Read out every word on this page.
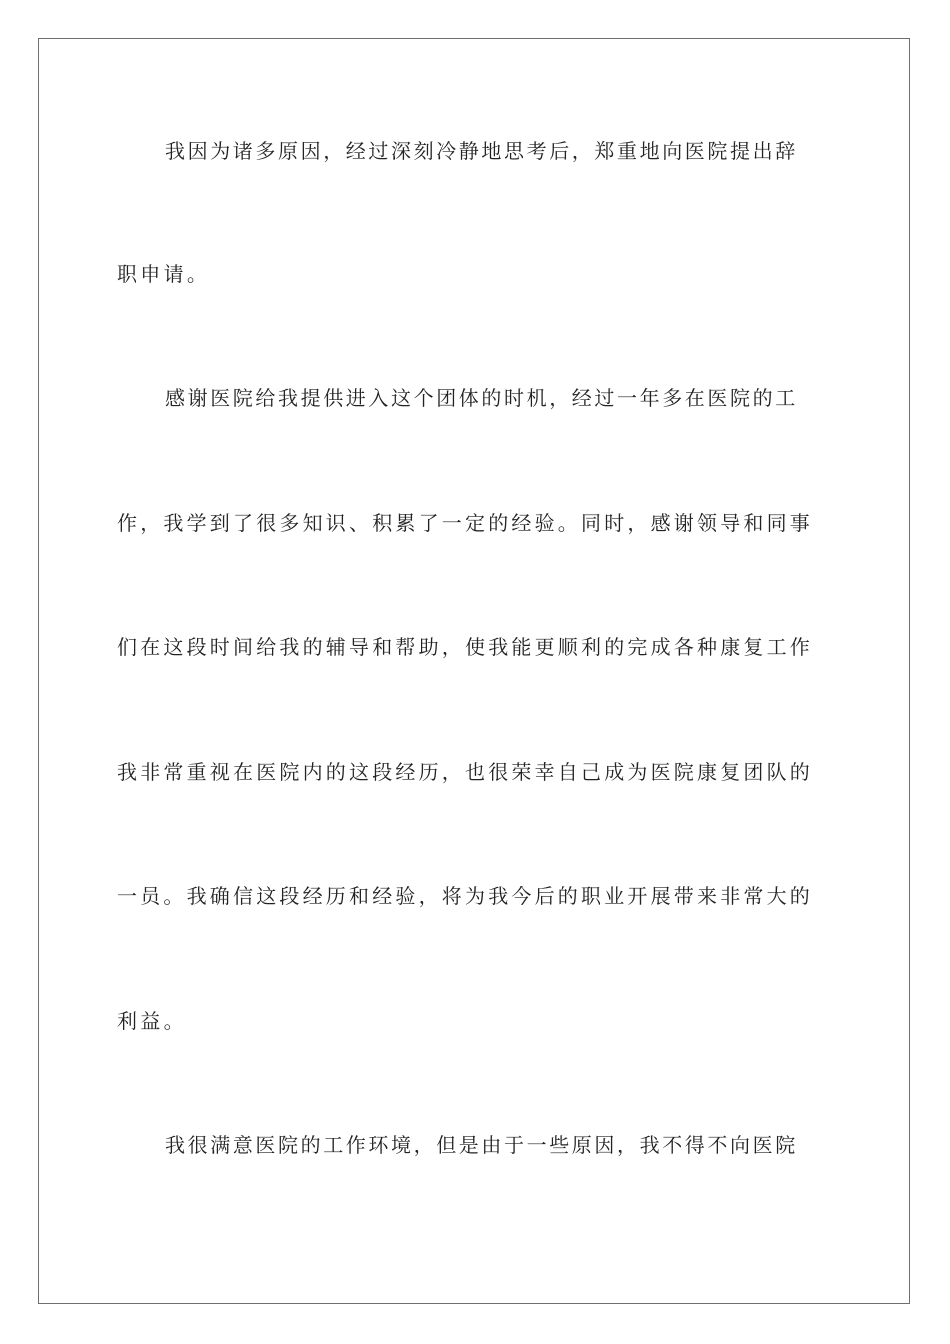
我因为诸多原因，经过深刻冷静地思考后，郑重地向医院提出辞
职申请。
感谢医院给我提供进入这个团体的时机，经过一年多在医院的工
作，我学到了很多知识、积累了一定的经验。同时，感谢领导和同事
们在这段时间给我的辅导和帮助，使我能更顺利的完成各种康复工作
我非常重视在医院内的这段经历，也很荣幸自己成为医院康复团队的
一员。我确信这段经历和经验，将为我今后的职业开展带来非常大的
利益。
我很满意医院的工作环境，但是由于一些原因，我不得不向医院
